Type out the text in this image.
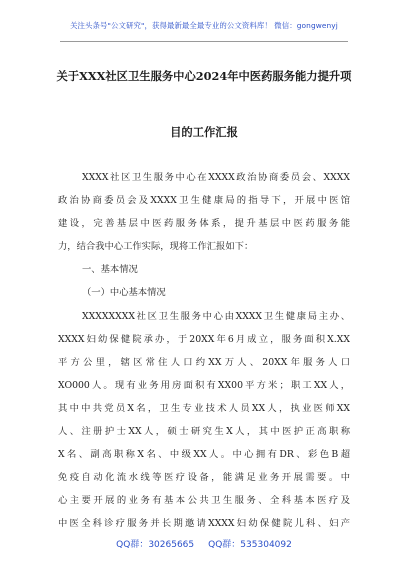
关注头条号"公文研究"，获得最新最全最专业的公文资料库！ 微信：gongwenyj
关于XXX社区卫生服务中心2024年中医药服务能力提升项
目的工作汇报
XXXX社区卫生服务中心在XXXX政治协商委员会、XXXX
政治协商委员会及XXXX卫生健康局的指导下，开展中医馆
建设，完善基层中医药服务体系，提升基层中医药服务能
力，结合我中心工作实际，现将工作汇报如下：
一、基本情况
（一）中心基本情况
XXXXXXXX社区卫生服务中心由XXXX卫生健康局主办、
XXXX妇幼保健院承办，于20XX年6月成立，服务面积X.XX
平方公里，辖区常住人口约XX万人、20XX年服务人口
XO000人。现有业务用房面积有XX00平方米；职工XX人，
其中中共党员X名，卫生专业技术人员XX人，执业医师XX
人、注册护士XX人，硕士研究生X人，其中医护正高职称
X名、副高职称X名、中级XX人。中心拥有DR、彩色B超
免疫自动化流水线等医疗设备，能满足业务开展需要。中
心主要开展的业务有基本公共卫生服务、全科基本医疗及
中医全科诊疗服务并长期邀请XXXX妇幼保健院儿科、妇产
QQ群：30265665 QQ群：535304092
